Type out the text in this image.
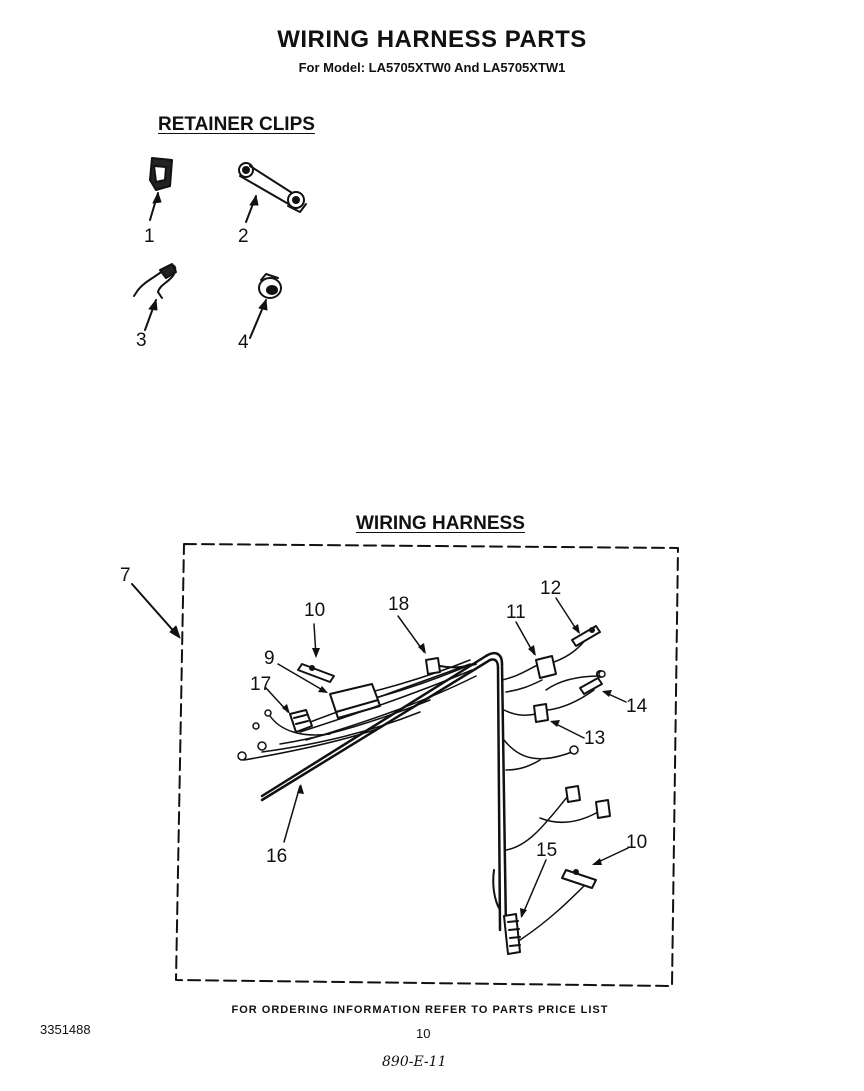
WIRING HARNESS PARTS
For Model: LA5705XTW0 And LA5705XTW1
RETAINER CLIPS
1	2
3	4
WIRING HARNESS
7
10	18	11
12
9
17
14
13
16	15	10
FOR ORDERING INFORMATION REFER TO PARTS PRICE LIST
3351488	10
890-E-11
